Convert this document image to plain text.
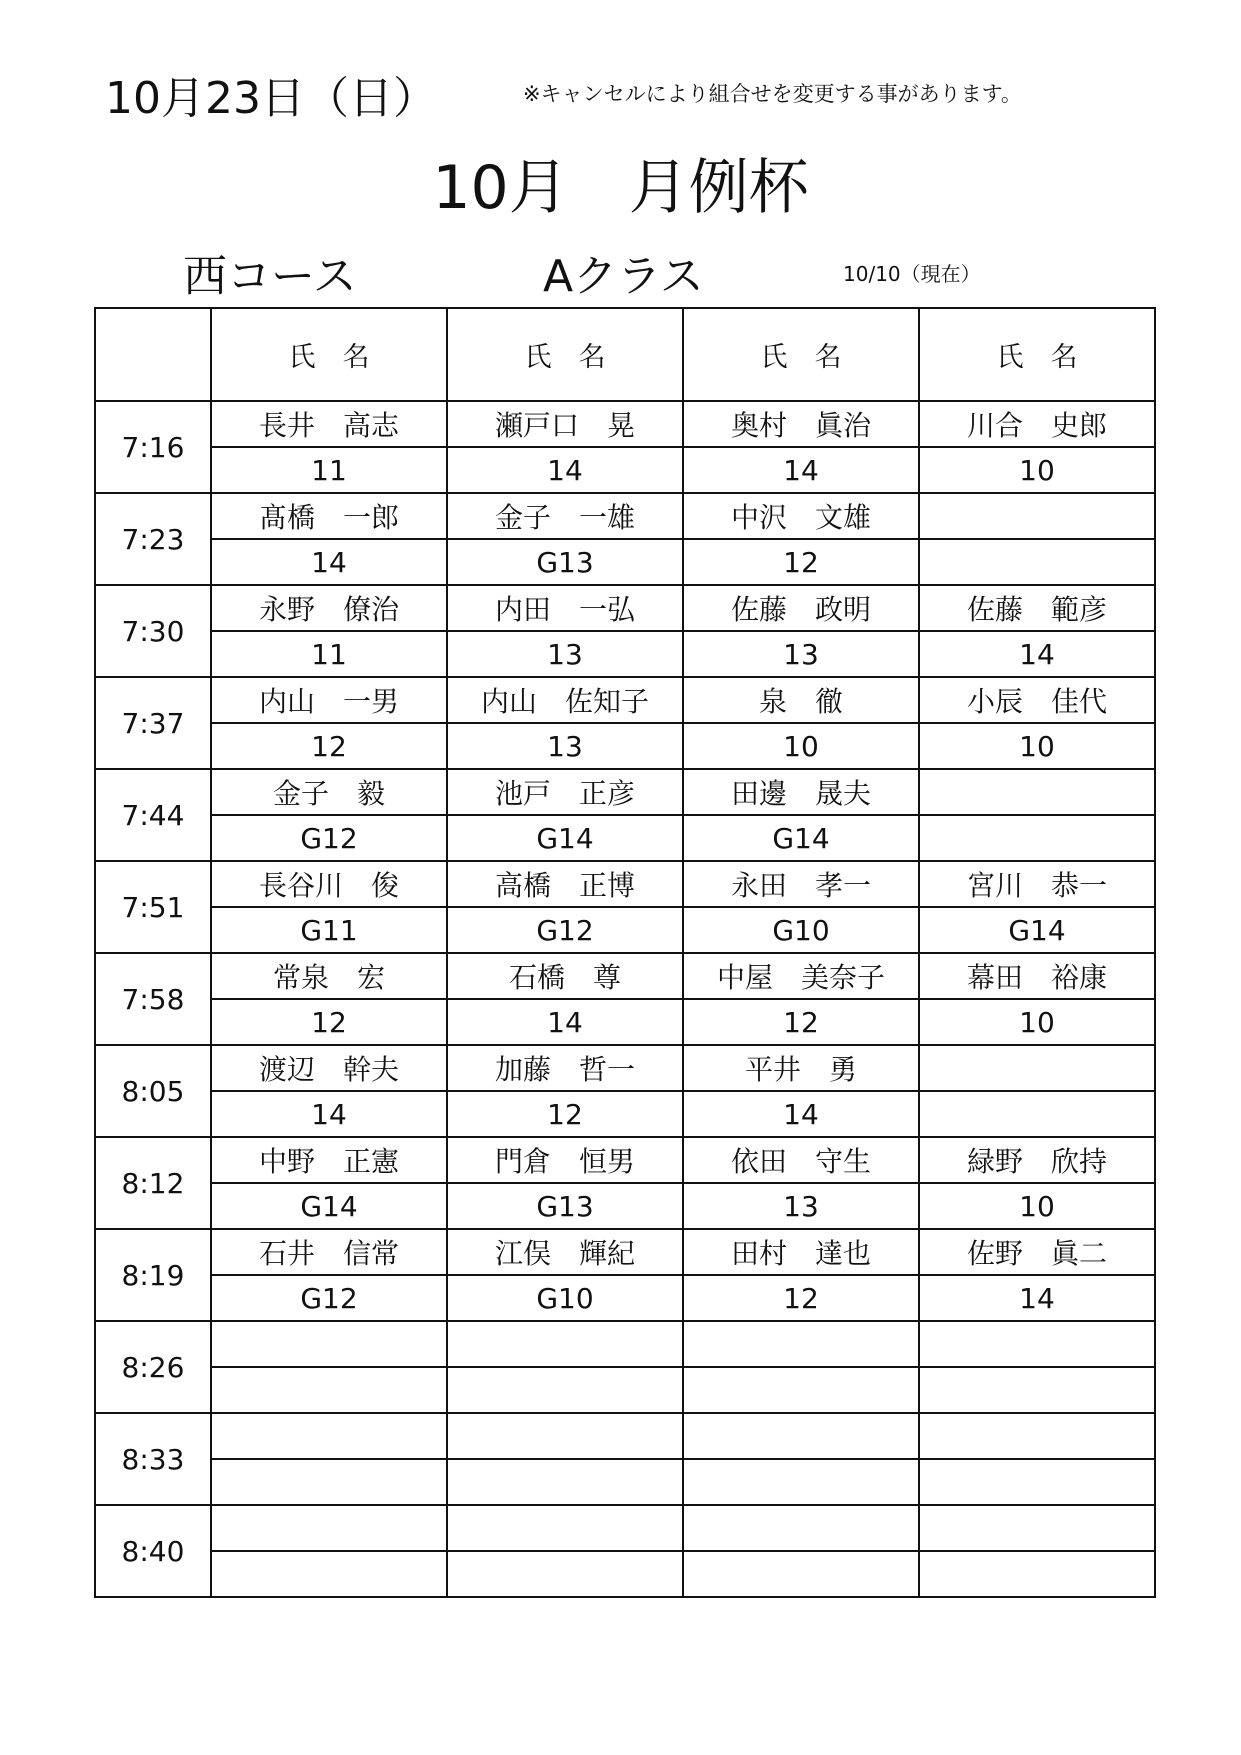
10月23日（日）	※キャンセルにより組合せを変更する事があります。
10月　月例杯
西コース	Aクラス	10/10（現在）
	氏　名	氏　名	氏　名	氏　名
7:16	長井　高志	瀬戸口　晃	奥村　眞治	川合　史郎
	11	14	14	10
7:23	髙橋　一郎	金子　一雄	中沢　文雄	
	14	G13	12	
7:30	永野　僚治	内田　一弘	佐藤　政明	佐藤　範彦
	11	13	13	14
7:37	内山　一男	内山　佐知子	泉　徹	小辰　佳代
	12	13	10	10
7:44	金子　毅	池戸　正彦	田邊　晟夫	
	G12	G14	G14	
7:51	長谷川　俊	高橋　正博	永田　孝一	宮川　恭一
	G11	G12	G10	G14
7:58	常泉　宏	石橋　尊	中屋　美奈子	幕田　裕康
	12	14	12	10
8:05	渡辺　幹夫	加藤　哲一	平井　勇	
	14	12	14	
8:12	中野　正憲	門倉　恒男	依田　守生	緑野　欣持
	G14	G13	13	10
8:19	石井　信常	江俣　輝紀	田村　達也	佐野　眞二
	G12	G10	12	14
8:26				

8:33				

8:40				
